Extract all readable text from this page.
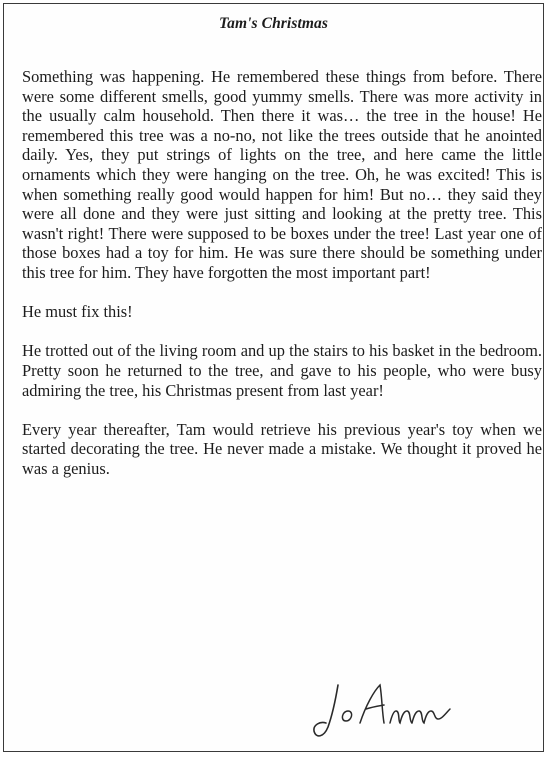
Tam's Christmas

Something was happening. He remembered these things from before. There were some different smells, good yummy smells. There was more activity in the usually calm household. Then there it was… the tree in the house! He remembered this tree was a no-no, not like the trees outside that he anointed daily. Yes, they put strings of lights on the tree, and here came the little ornaments which they were hanging on the tree. Oh, he was excited! This is when something really good would happen for him! But no… they said they were all done and they were just sitting and looking at the pretty tree. This wasn't right! There were supposed to be boxes under the tree! Last year one of those boxes had a toy for him. He was sure there should be something under this tree for him. They have forgotten the most important part!

He must fix this!

He trotted out of the living room and up the stairs to his basket in the bedroom. Pretty soon he returned to the tree, and gave to his people, who were busy admiring the tree, his Christmas present from last year!

Every year thereafter, Tam would retrieve his previous year's toy when we started decorating the tree. He never made a mistake. We thought it proved he was a genius.
